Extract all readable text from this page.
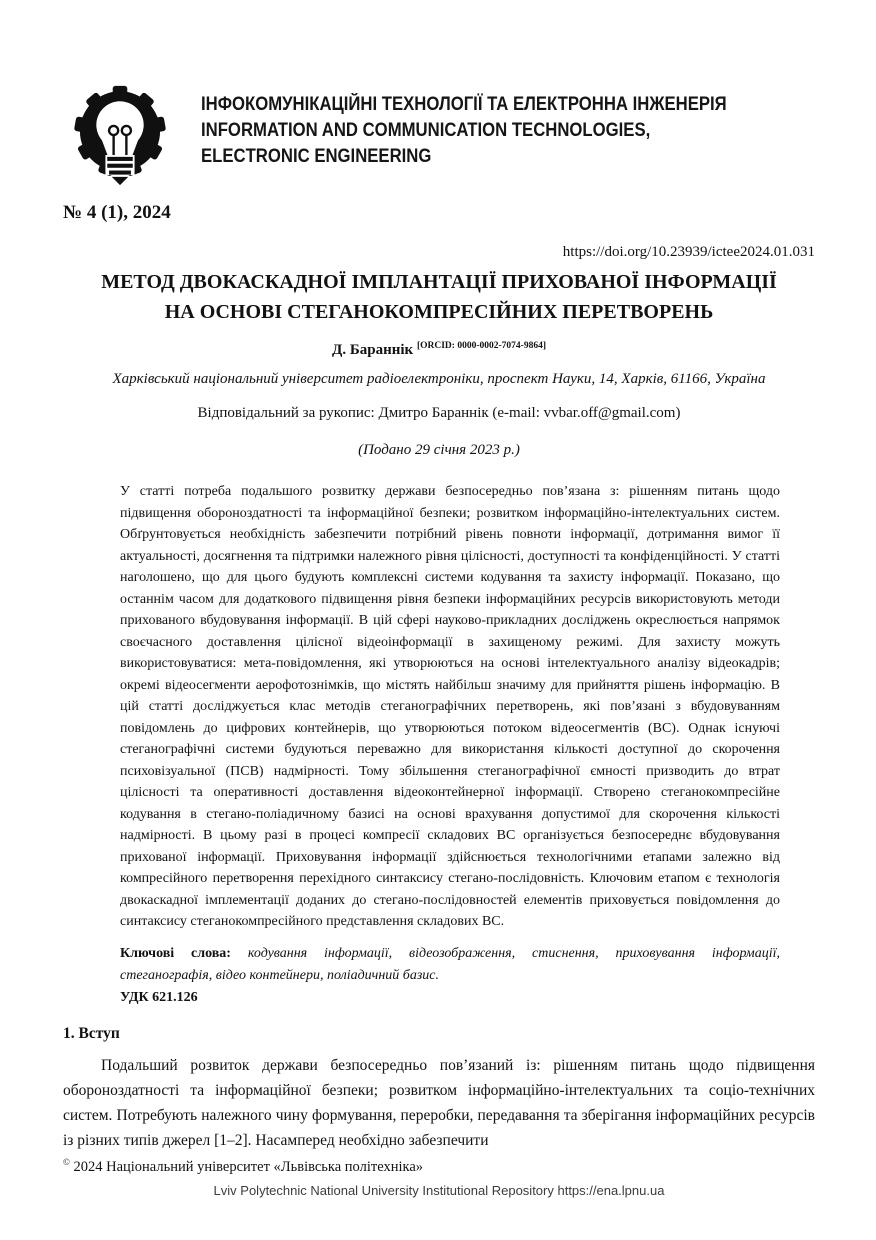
ІНФОКОМУНІКАЦІЙНІ ТЕХНОЛОГІЇ ТА ЕЛЕКТРОННА ІНЖЕНЕРІЯ
INFORMATION AND COMMUNICATION TECHNOLOGIES,
ELECTRONIC ENGINEERING
№ 4 (1), 2024
https://doi.org/10.23939/ictee2024.01.031
МЕТОД ДВОКАСКАДНОЇ ІМПЛАНТАЦІЇ ПРИХОВАНОЇ ІНФОРМАЦІЇ
НА ОСНОВІ СТЕГАНОКОМПРЕСІЙНИХ ПЕРЕТВОРЕНЬ
Д. Бараннік [ORCID: 0000-0002-7074-9864]
Харківський національний університет радіоелектроніки, проспект Науки, 14, Харків, 61166, Україна
Відповідальний за рукопис: Дмитро Бараннік (e-mail: vvbar.off@gmail.com)
(Подано 29 січня 2023 р.)
У статті потреба подальшого розвитку держави безпосередньо пов’язана з: рішенням питань щодо підвищення обороноздатності та інформаційної безпеки; розвитком інформаційно-інтелектуальних систем. Обґрунтовується необхідність забезпечити потрібний рівень повноти інформації, дотримання вимог її актуальності, досягнення та підтримки належного рівня цілісності, доступності та конфіденційності. У статті наголошено, що для цього будують комплексні системи кодування та захисту інформації. Показано, що останнім часом для додаткового підвищення рівня безпеки інформаційних ресурсів використовують методи прихованого вбудовування інформації. В цій сфері науково-прикладних досліджень окреслюється напрямок своєчасного доставлення цілісної відеоінформації в захищеному режимі. Для захисту можуть використовуватися: мета-повідомлення, які утворюються на основі інтелектуального аналізу відеокадрів; окремі відеосегменти аерофотознімків, що містять найбільш значиму для прийняття рішень інформацію. В цій статті досліджується клас методів стеганографічних перетворень, які пов’язані з вбудовуванням повідомлень до цифрових контейнерів, що утворюються потоком відеосегментів (ВС). Однак існуючі стеганографічні системи будуються переважно для використання кількості доступної до скорочення психовізуальної (ПСВ) надмірності. Тому збільшення стеганографічної ємності призводить до втрат цілісності та оперативності доставлення відеоконтейнерної інформації. Створено стеганокомпресійне кодування в стегано-поліадичному базисі на основі врахування допустимої для скорочення кількості надмірності. В цьому разі в процесі компресії складових ВС організується безпосереднє вбудовування прихованої інформації. Приховування інформації здійснюється технологічними етапами залежно від компресійного перетворення перехідного синтаксису стегано-послідовність. Ключовим етапом є технологія двокаскадної імплементації доданих до стегано-послідовностей елементів приховується повідомлення до синтаксису стеганокомпресійного представлення складових ВС.
Ключові слова: кодування інформації, відеозображення, стиснення, приховування інформації, стеганографія, відео контейнери, поліадичний базис.
УДК 621.126
1. Вступ
Подальший розвиток держави безпосередньо пов’язаний із: рішенням питань щодо підвищення обороноздатності та інформаційної безпеки; розвитком інформаційно-інтелектуальних та соціо-технічних систем. Потребують належного чину формування, переробки, передавання та зберігання інформаційних ресурсів із різних типів джерел [1–2]. Насамперед необхідно забезпечити
© 2024 Національний університет «Львівська політехніка»
Lviv Polytechnic National University Institutional Repository https://ena.lpnu.ua
